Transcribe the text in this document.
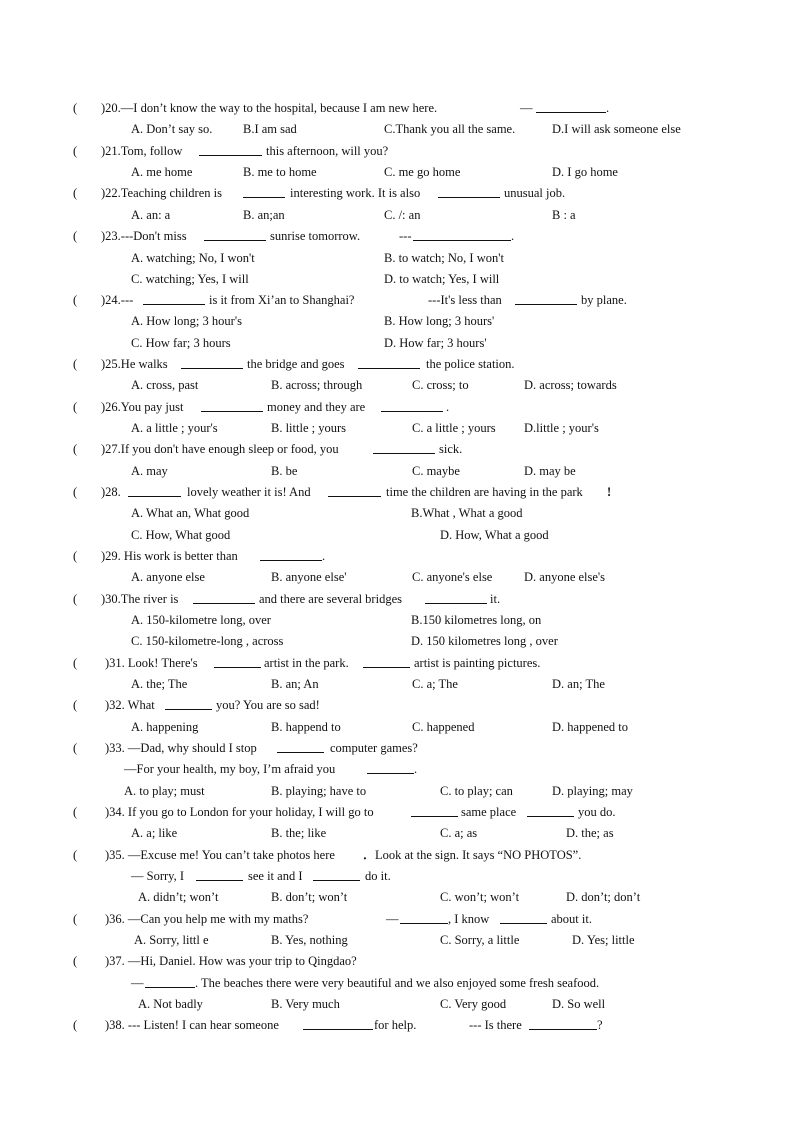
( )20.—I don’t know the way to the hospital, because I am new here.	—	.
A. Don’t say so. B.I am sad	C.Thank you all the same.	D.I will ask someone else
( )21.Tom, follow	this afternoon, will you?
A. me home	B. me to home	C. me go home	D. I go home
( )22.Teaching children is	interesting work. It is also	unusual job.
A. an: a	B. an;an	C. /: an	B : a
( )23.---Don't miss	sunrise tomorrow.	---	.
A. watching; No, I won't	B. to watch; No, I won't
C. watching; Yes, I will	D. to watch; Yes, I will
( )24.---	is it from Xi’an to Shanghai?	---It's less than	by plane.
A. How long; 3 hour's	B. How long; 3 hours'
C. How far; 3 hours	D. How far; 3 hours'
( )25.He walks	the bridge and goes	the police station.
A. cross, past	B. across; through	C. cross; to	D. across; towards
( )26.You pay just	money and they are	.
A. a little ; your's	B. little ; yours	C. a little ; yours D.little ; your's
( )27.If you don't have enough sleep or food, you	sick.
A. may	B. be	C. maybe	D. may be
( )28.	lovely weather it is! And	time the children are having in the park !
A. What an, What good	B.What , What a good
C. How, What good	D. How, What a good
( )29. His work is better than	.
A. anyone else	B. anyone else'	C. anyone's else	D. anyone else's
( )30.The river is	and there are several bridges	it.
A. 150-kilometre long, over	B.150 kilometres long, on
C. 150-kilometre-long , across	D. 150 kilometres long , over
( )31. Look! There's	artist in the park.	artist is painting pictures.
A. the; The	B. an; An	C. a; The	D. an; The
( )32. What	you? You are so sad!
A. happening	B. happend to	C. happened	D. happened to
( )33. —Dad, why should I stop	computer games?
—For your health, my boy, I’m afraid you	.
A. to play; must	B. playing; have to	C. to play; can	D. playing; may
( )34. If you go to London for your holiday, I will go to	same place	you do.
A. a; like	B. the; like	C. a; as	D. the; as
( )35. —Excuse me! You can’t take photos here ． Look at the sign. It says “NO PHOTOS”.
— Sorry, I	see it and I	do it.
A. didn’t; won’t	B. don’t; won’t	C. won’t; won’t	D. don’t; don’t
( )36. —Can you help me with my maths?	—	, I know	about it.
A. Sorry, littl e	B. Yes, nothing	C. Sorry, a little	D. Yes; little
( )37. —Hi, Daniel. How was your trip to Qingdao?
—	. The beaches there were very beautiful and we also enjoyed some fresh seafood.
A. Not badly	B. Very much	C. Very good	D. So well
( )38. --- Listen! I can hear someone	for help.	--- Is there	?
